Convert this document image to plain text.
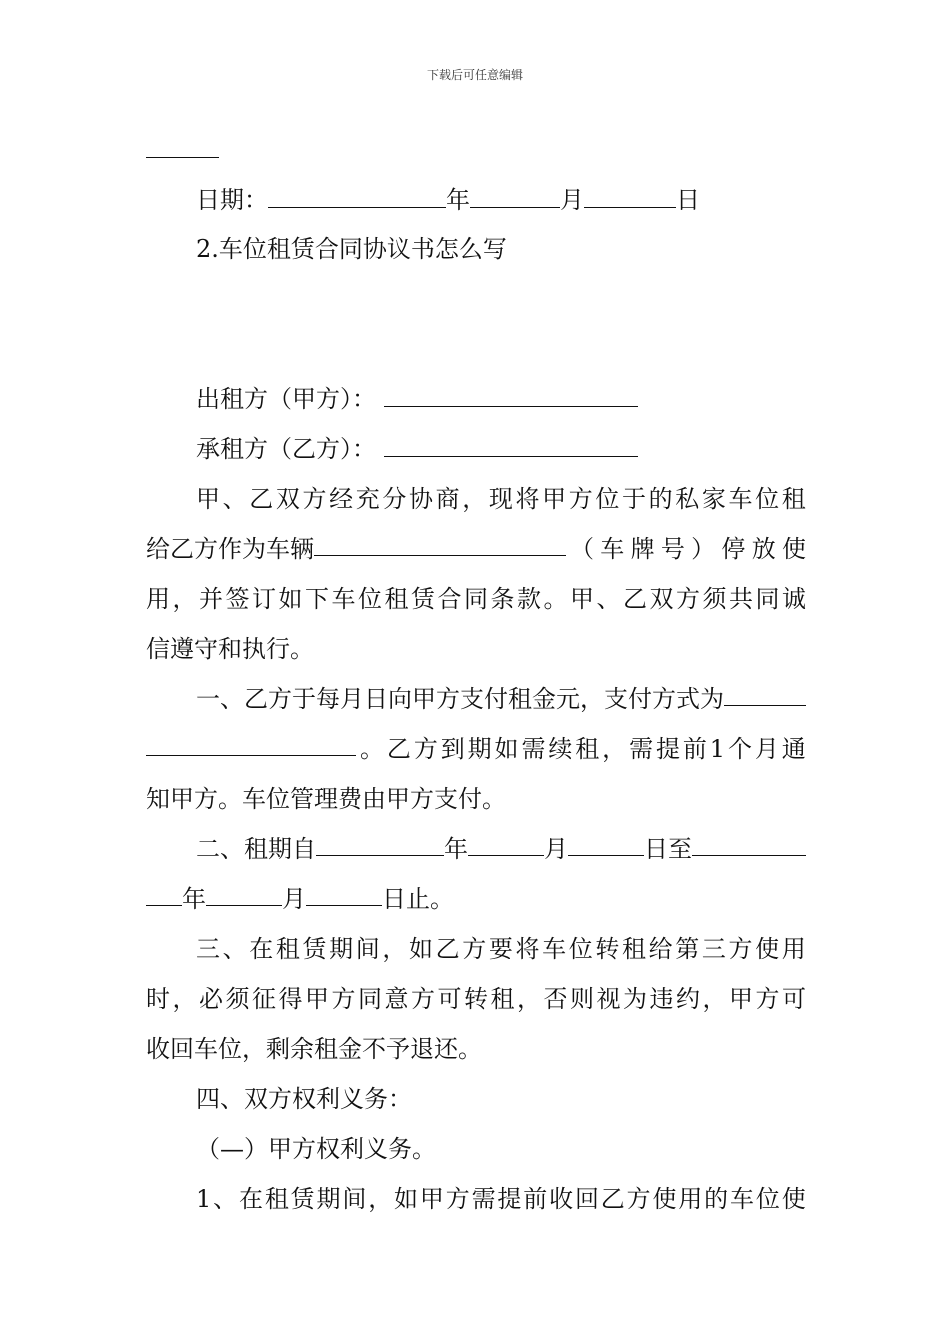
下载后可任意编辑
日期：	年	月	日
2.车位租赁合同协议书怎么写
出租方（甲方）：
承租方（乙方）：
甲 、 乙 双 方 经 充 分 协 商 ， 现 将 甲 方 位 于 的 私 家 车 位 租
给乙方作为车辆	（ 车 牌 号 ） 停 放 使
用 ， 并 签 订 如 下 车 位 租 赁 合 同 条 款 。 甲 、 乙 双 方 须 共 同 诚
信遵守和执行。
一、乙方于每月日向甲方支付租金元，支付方式为
。 乙 方 到 期 如 需 续 租 ， 需 提 前 1 个 月 通
知甲方。车位管理费由甲方支付。
二、租期自	年	月	日至
年	月	日止。
三 、 在 租 赁 期 间 ， 如 乙 方 要 将 车 位 转 租 给 第 三 方 使 用
时 ， 必 须 征 得 甲 方 同 意 方 可 转 租 ， 否 则 视 为 违 约 ， 甲 方 可
收回车位，剩余租金不予退还。
四、双方权利义务：
（—）甲方权利义务。
1 、 在 租 赁 期 间 ， 如 甲 方 需 提 前 收 回 乙 方 使 用 的 车 位 使
